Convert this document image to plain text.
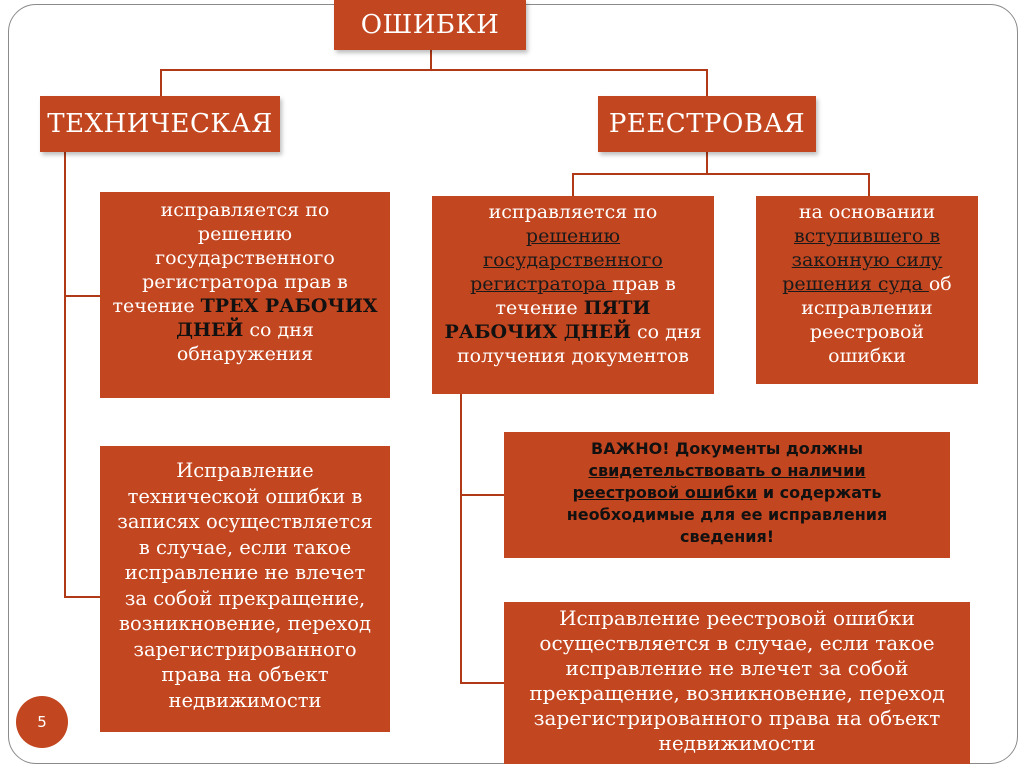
ОШИБКИ
ТЕХНИЧЕСКАЯ	РЕЕСТРОВАЯ
исправляется по
решению
государственного
регистратора прав в
течение ТРЕХ РАБОЧИХ
ДНЕЙ со дня
обнаружения
Исправление
технической ошибки в
записях осуществляется
в случае, если такое
исправление не влечет
за собой прекращение,
возникновение, переход
зарегистрированного
права на объект
недвижимости
исправляется по
решению
государственного
регистратора прав в
течение ПЯТИ
РАБОЧИХ ДНЕЙ со дня
получения документов
на основании
вступившего в
законную силу
решения суда об
исправлении
реестровой
ошибки
ВАЖНО! Документы должны
свидетельствовать о наличии
реестровой ошибки и содержать
необходимые для ее исправления
сведения!
Исправление реестровой ошибки
осуществляется в случае, если такое
исправление не влечет за собой
прекращение, возникновение, переход
зарегистрированного права на объект
недвижимости
5
